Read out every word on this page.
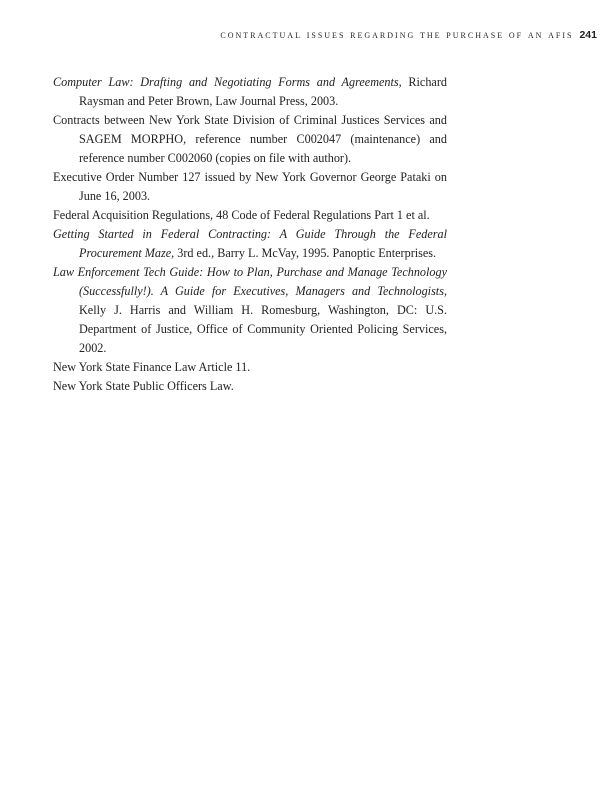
contractual issues regarding the purchase of an afis 241

Computer Law: Drafting and Negotiating Forms and Agreements, Richard Raysman and Peter Brown, Law Journal Press, 2003.

Contracts between New York State Division of Criminal Justices Services and SAGEM MORPHO, reference number C002047 (maintenance) and reference number C002060 (copies on file with author).

Executive Order Number 127 issued by New York Governor George Pataki on June 16, 2003.

Federal Acquisition Regulations, 48 Code of Federal Regulations Part 1 et al.

Getting Started in Federal Contracting: A Guide Through the Federal Procurement Maze, 3rd ed., Barry L. McVay, 1995. Panoptic Enterprises.

Law Enforcement Tech Guide: How to Plan, Purchase and Manage Technology (Successfully!). A Guide for Executives, Managers and Technologists, Kelly J. Harris and William H. Romesburg, Washington, DC: U.S. Department of Justice, Office of Community Oriented Policing Services, 2002.

New York State Finance Law Article 11.

New York State Public Officers Law.
